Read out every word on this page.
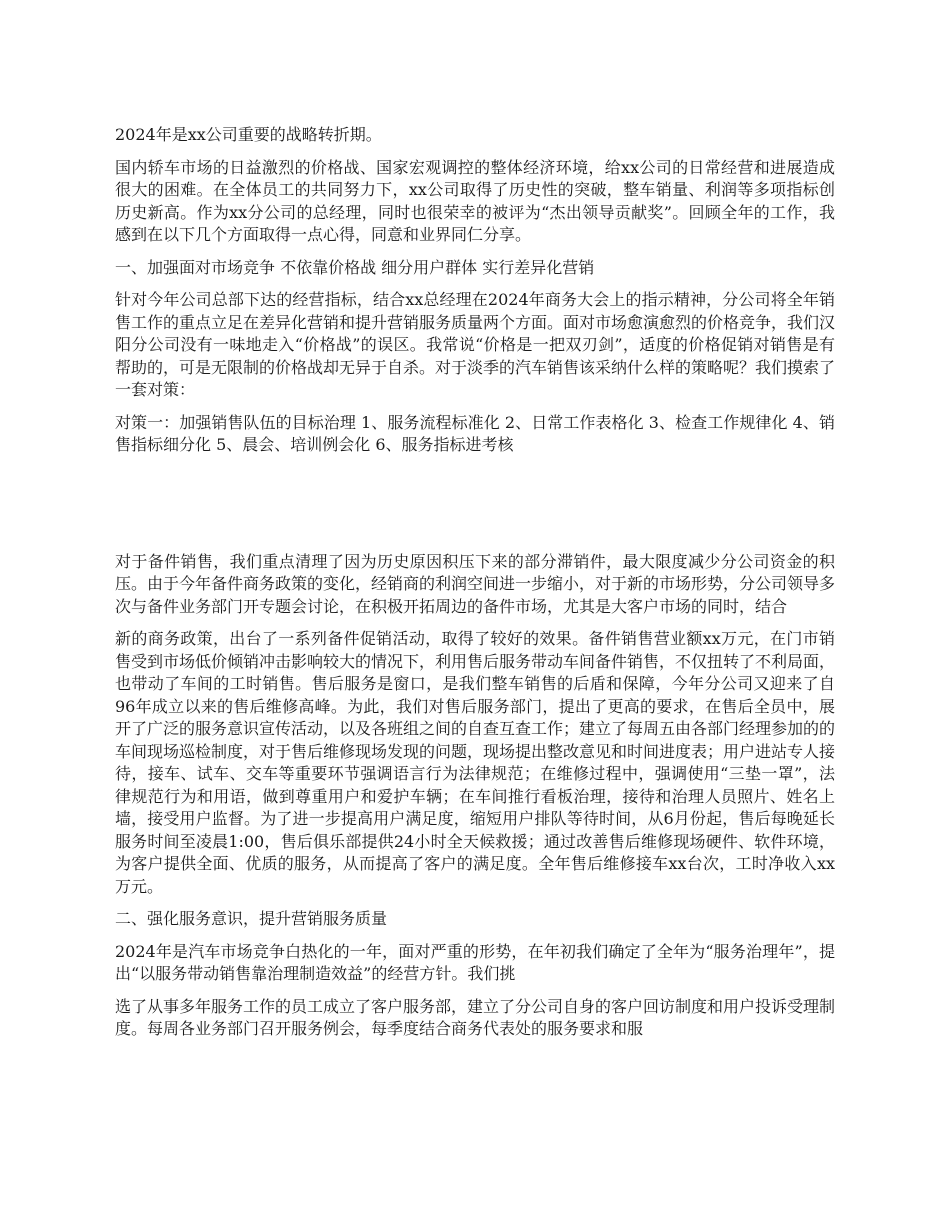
2024年是xx公司重要的战略转折期。

国内轿车市场的日益激烈的价格战、国家宏观调控的整体经济环境，给xx公司的日常经营和进展造成很大的困难。在全体员工的共同努力下，xx公司取得了历史性的突破，整车销量、利润等多项指标创历史新高。作为xx分公司的总经理，同时也很荣幸的被评为“杰出领导贡献奖”。回顾全年的工作，我感到在以下几个方面取得一点心得，同意和业界同仁分享。

一、加强面对市场竞争 不依靠价格战 细分用户群体 实行差异化营销

针对今年公司总部下达的经营指标，结合xx总经理在2024年商务大会上的指示精神，分公司将全年销售工作的重点立足在差异化营销和提升营销服务质量两个方面。面对市场愈演愈烈的价格竞争，我们汉阳分公司没有一味地走入“价格战”的误区。我常说“价格是一把双刃剑”，适度的价格促销对销售是有帮助的，可是无限制的价格战却无异于自杀。对于淡季的汽车销售该采纳什么样的策略呢？我们摸索了一套对策：

对策一：加强销售队伍的目标治理 1、服务流程标准化 2、日常工作表格化 3、检查工作规律化 4、销售指标细分化 5、晨会、培训例会化 6、服务指标进考核

对于备件销售，我们重点清理了因为历史原因积压下来的部分滞销件，最大限度减少分公司资金的积压。由于今年备件商务政策的变化，经销商的利润空间进一步缩小，对于新的市场形势，分公司领导多次与备件业务部门开专题会讨论，在积极开拓周边的备件市场，尤其是大客户市场的同时，结合

新的商务政策，出台了一系列备件促销活动，取得了较好的效果。备件销售营业额xx万元，在门市销售受到市场低价倾销冲击影响较大的情况下，利用售后服务带动车间备件销售，不仅扭转了不利局面，也带动了车间的工时销售。售后服务是窗口，是我们整车销售的后盾和保障，今年分公司又迎来了自96年成立以来的售后维修高峰。为此，我们对售后服务部门，提出了更高的要求，在售后全员中，展开了广泛的服务意识宣传活动，以及各班组之间的自查互查工作；建立了每周五由各部门经理参加的的车间现场巡检制度，对于售后维修现场发现的问题，现场提出整改意见和时间进度表；用户进站专人接待，接车、试车、交车等重要环节强调语言行为法律规范；在维修过程中，强调使用“三垫一罩”，法律规范行为和用语，做到尊重用户和爱护车辆；在车间推行看板治理，接待和治理人员照片、姓名上墙，接受用户监督。为了进一步提高用户满足度，缩短用户排队等待时间，从6月份起，售后每晚延长服务时间至凌晨1:00，售后俱乐部提供24小时全天候救援；通过改善售后维修现场硬件、软件环境，为客户提供全面、优质的服务，从而提高了客户的满足度。全年售后维修接车xx台次，工时净收入xx万元。

二、强化服务意识，提升营销服务质量

2024年是汽车市场竞争白热化的一年，面对严重的形势，在年初我们确定了全年为“服务治理年”，提出“以服务带动销售靠治理制造效益”的经营方针。我们挑

选了从事多年服务工作的员工成立了客户服务部，建立了分公司自身的客户回访制度和用户投诉受理制度。每周各业务部门召开服务例会，每季度结合商务代表处的服务要求和服
